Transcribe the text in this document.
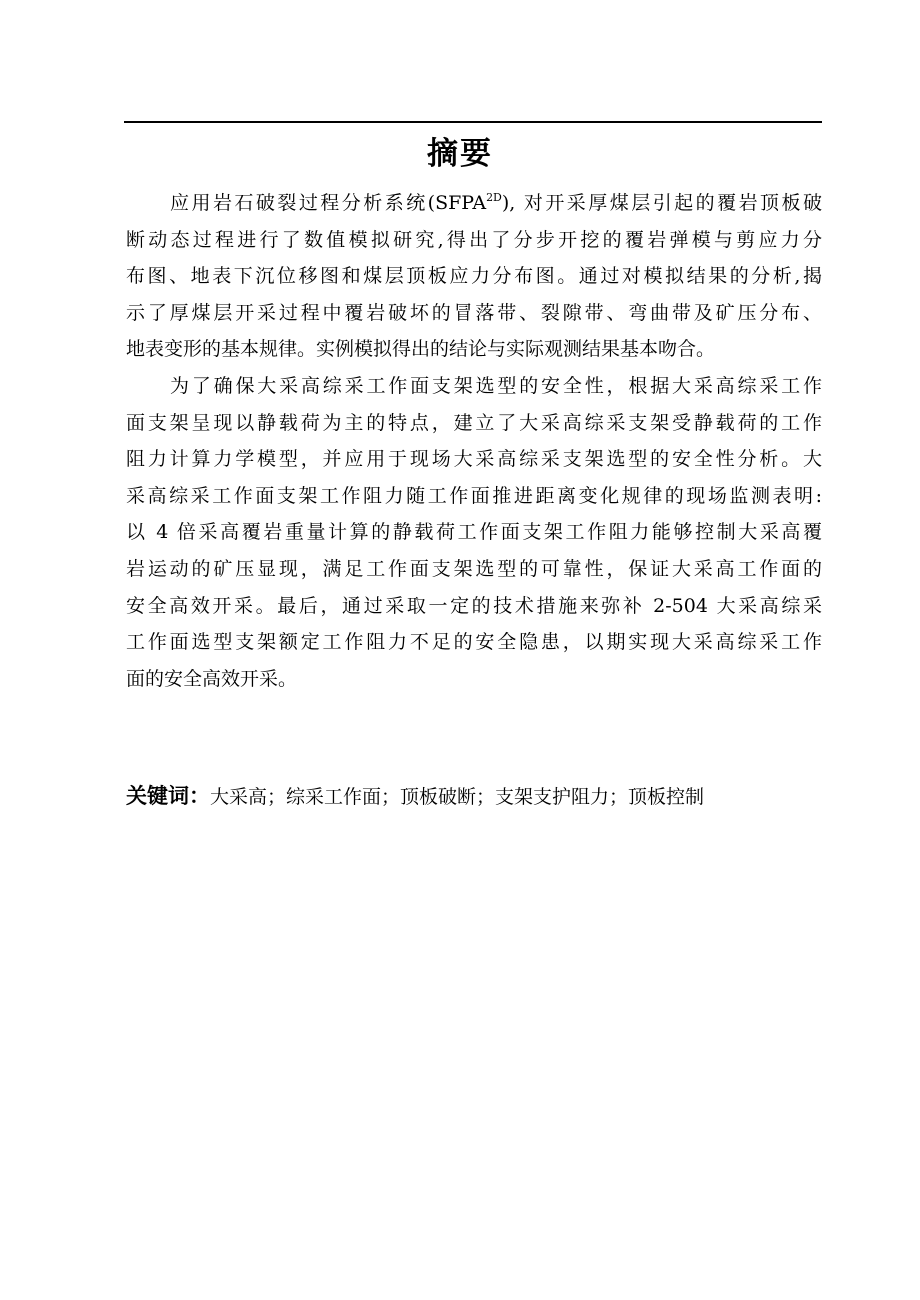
摘要

应用岩石破裂过程分析系统$(SFPA^{2D})$, 对开采厚煤层引起的覆岩顶板破
断动态过程进行了数值模拟研究,得出了分步开挖的覆岩弹模与剪应力分
布图、地表下沉位移图和煤层顶板应力分布图。通过对模拟结果的分析,揭
示了厚煤层开采过程中覆岩破坏的冒落带、裂隙带、弯曲带及矿压分布、
地表变形的基本规律。实例模拟得出的结论与实际观测结果基本吻合。

为了确保大采高综采工作面支架选型的安全性，根据大采高综采工作
面支架呈现以静载荷为主的特点，建立了大采高综采支架受静载荷的工作
阻力计算力学模型，并应用于现场大采高综采支架选型的安全性分析。大
采高综采工作面支架工作阻力随工作面推进距离变化规律的现场监测表明:
以 4 倍采高覆岩重量计算的静载荷工作面支架工作阻力能够控制大采高覆
岩运动的矿压显现，满足工作面支架选型的可靠性，保证大采高工作面的
安全高效开采。最后，通过采取一定的技术措施来弥补 2-504 大采高综采
工作面选型支架额定工作阻力不足的安全隐患，以期实现大采高综采工作
面的安全高效开采。

关键词：大采高；综采工作面；顶板破断；支架支护阻力；顶板控制
